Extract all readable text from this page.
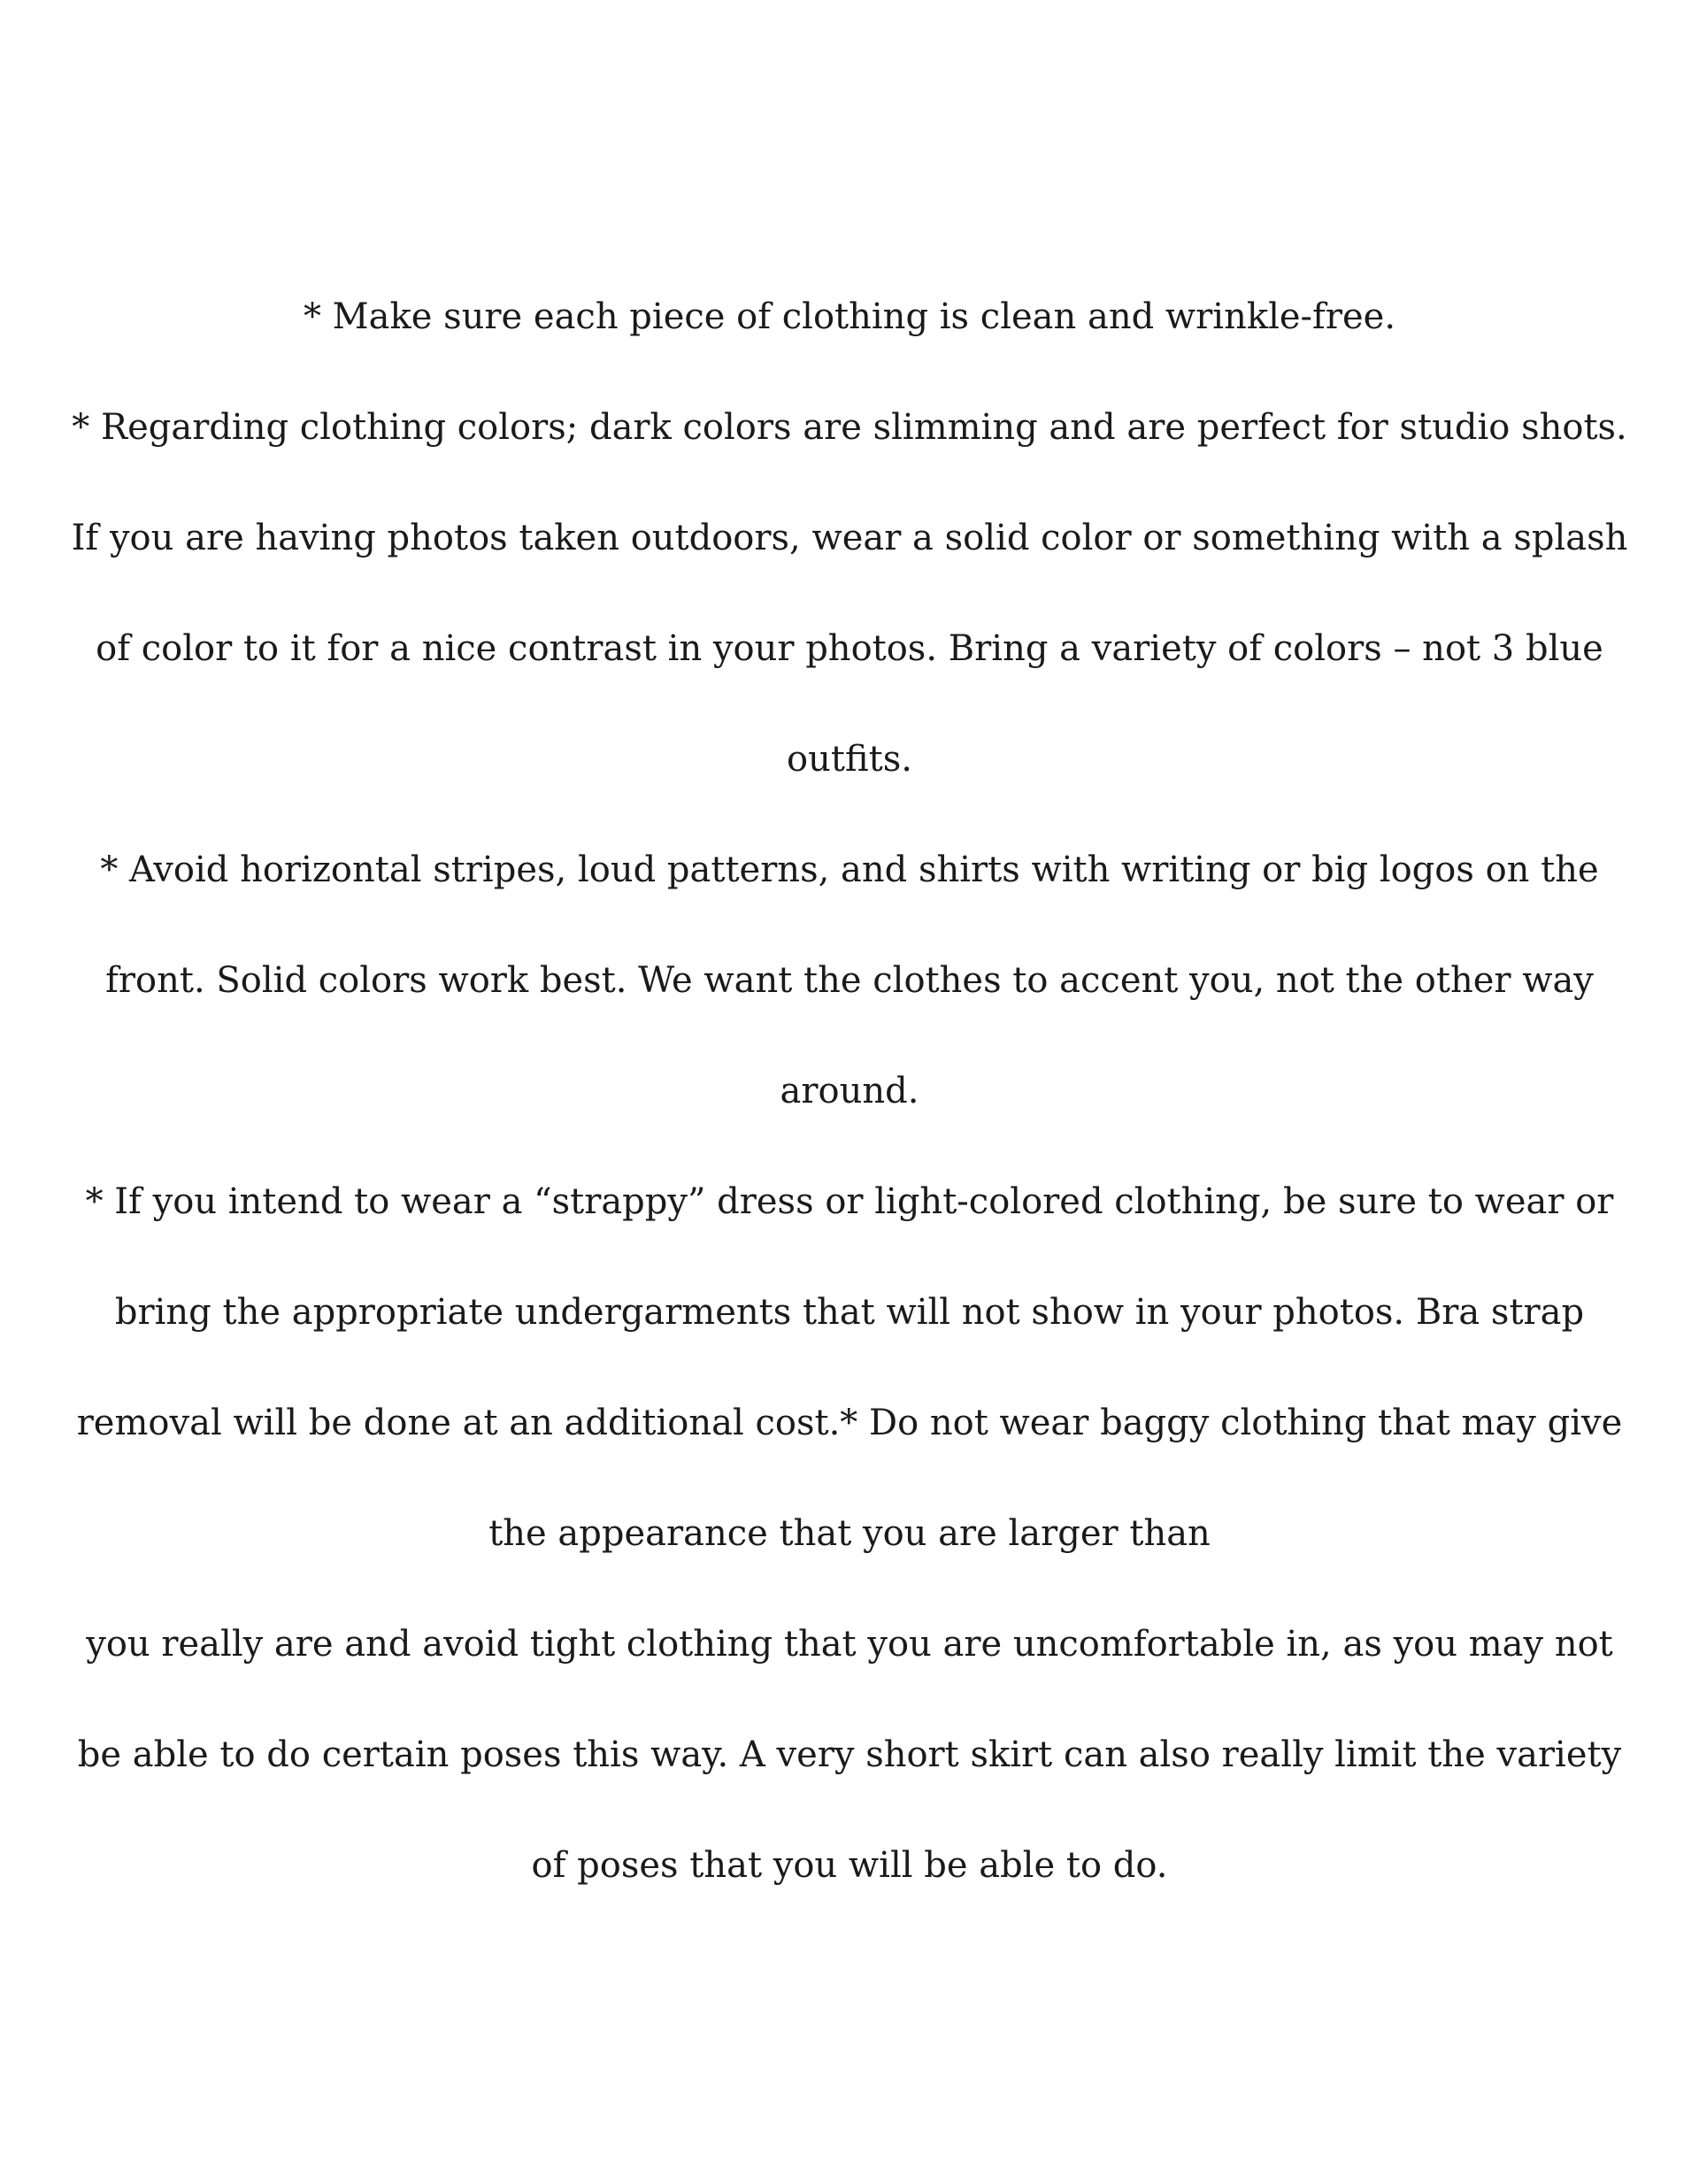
* Make sure each piece of clothing is clean and wrinkle-free.
* Regarding clothing colors; dark colors are slimming and are perfect for studio shots.
If you are having photos taken outdoors, wear a solid color or something with a splash
of color to it for a nice contrast in your photos. Bring a variety of colors – not 3 blue
outfits.
* Avoid horizontal stripes, loud patterns, and shirts with writing or big logos on the
front. Solid colors work best. We want the clothes to accent you, not the other way
around.
* If you intend to wear a “strappy” dress or light-colored clothing, be sure to wear or
bring the appropriate undergarments that will not show in your photos. Bra strap
removal will be done at an additional cost.* Do not wear baggy clothing that may give
the appearance that you are larger than
you really are and avoid tight clothing that you are uncomfortable in, as you may not
be able to do certain poses this way. A very short skirt can also really limit the variety
of poses that you will be able to do.
